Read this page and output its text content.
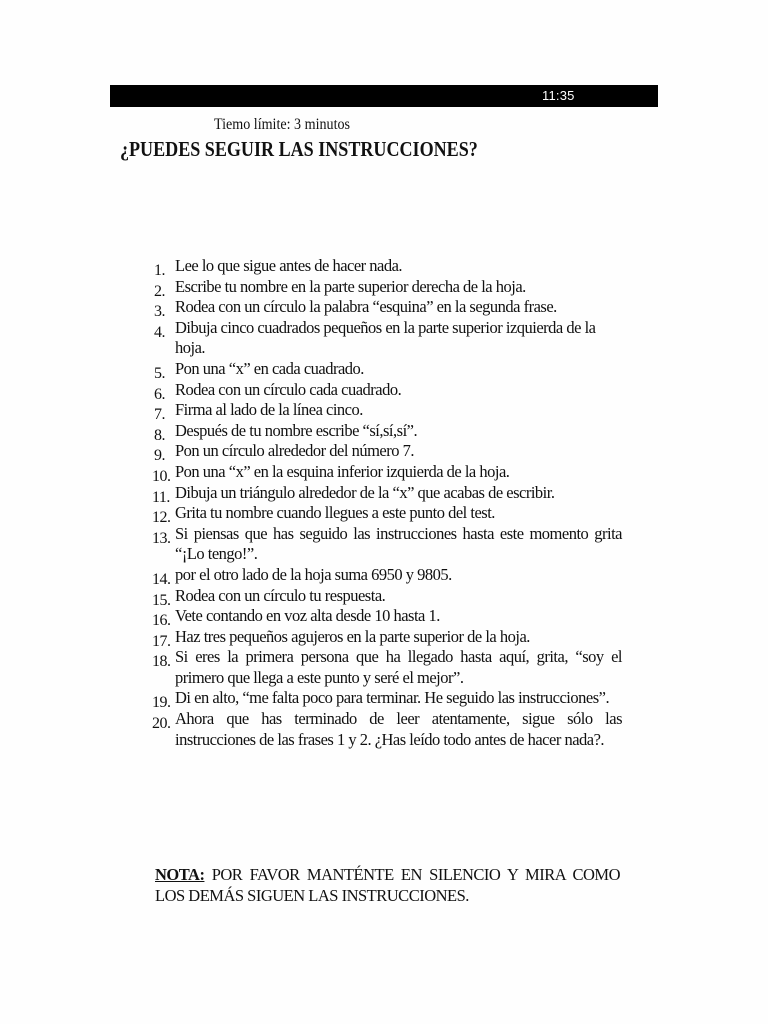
11:35
Tiemo límite: 3 minutos
¿PUEDES SEGUIR LAS INSTRUCCIONES?
1. Lee lo que sigue antes de hacer nada.
2. Escribe tu nombre en la parte superior derecha de la hoja.
3. Rodea con un círculo la palabra “esquina” en la segunda frase.
4. Dibuja cinco cuadrados pequeños en la parte superior izquierda de la hoja.
5. Pon una “x” en cada cuadrado.
6. Rodea con un círculo cada cuadrado.
7. Firma al lado de la línea cinco.
8. Después de tu nombre escribe “sí,sí,sí”.
9. Pon un círculo alrededor del número 7.
10. Pon una “x” en la esquina inferior izquierda de la hoja.
11. Dibuja un triángulo alrededor de la “x” que acabas de escribir.
12. Grita tu nombre cuando llegues a este punto del test.
13. Si piensas que has seguido las instrucciones hasta este momento grita “¡Lo tengo!”.
14. por el otro lado de la hoja suma 6950 y 9805.
15. Rodea con un círculo tu respuesta.
16. Vete contando en voz alta desde 10 hasta 1.
17. Haz tres pequeños agujeros en la parte superior de la hoja.
18. Si eres la primera persona que ha llegado hasta aquí, grita, “soy el primero que llega a este punto y seré el mejor”.
19. Di en alto, “me falta poco para terminar. He seguido las instrucciones”.
20. Ahora que has terminado de leer atentamente, sigue sólo las instrucciones de las frases 1 y 2. ¿Has leído todo antes de hacer nada?.
NOTA: POR FAVOR MANTÉNTE EN SILENCIO Y MIRA COMO LOS DEMÁS SIGUEN LAS INSTRUCCIONES.
